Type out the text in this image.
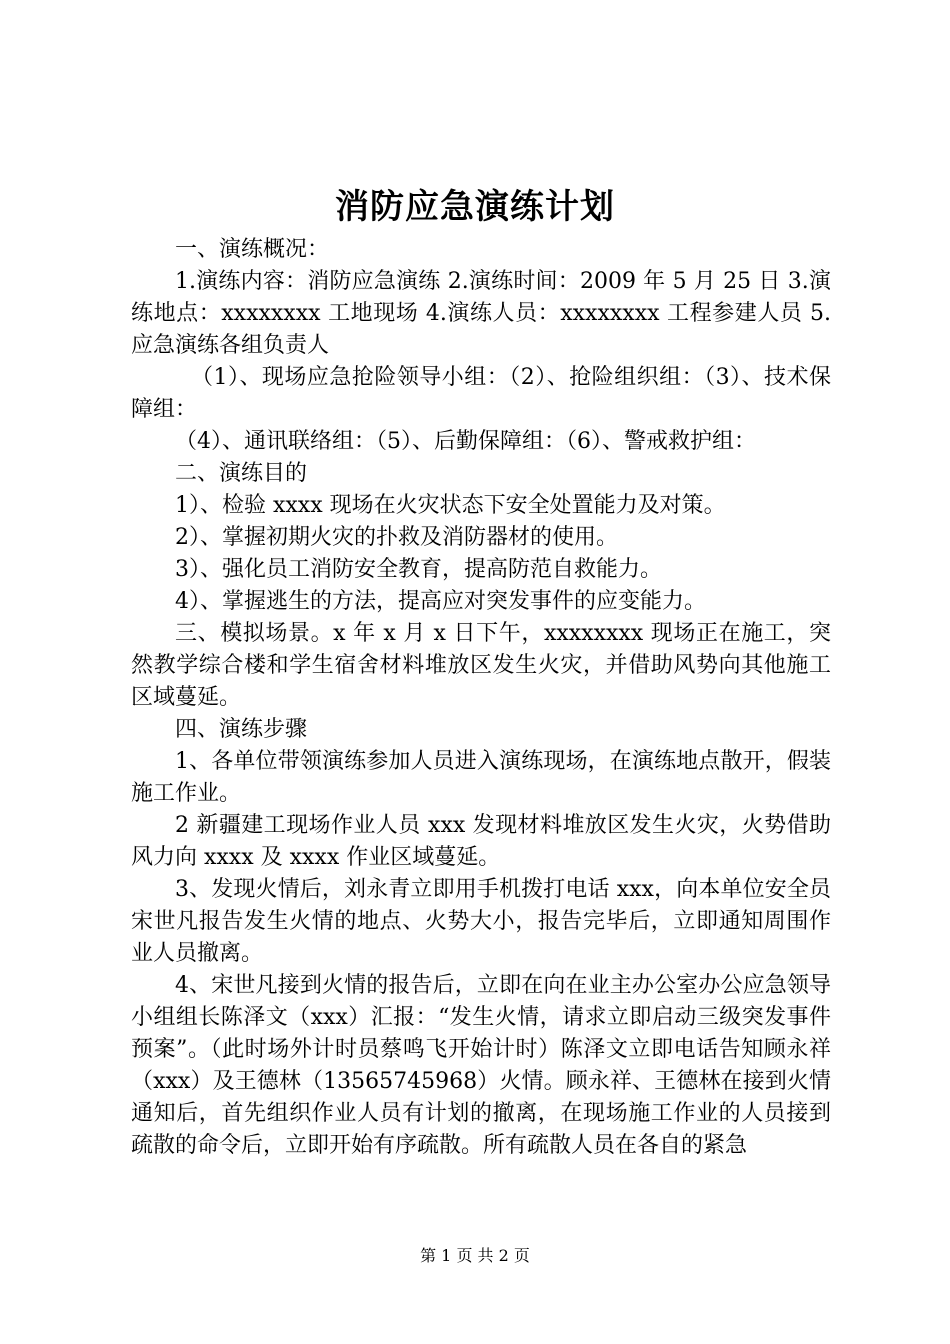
消防应急演练计划

一、演练概况：

1.演练内容：消防应急演练 2.演练时间：2009 年 5 月 25 日 3.演练地点：xxxxxxxx 工地现场 4.演练人员：xxxxxxxx 工程参建人员 5.应急演练各组负责人

（1）、现场应急抢险领导小组：（2）、抢险组织组：（3）、技术保障组：

（4）、通讯联络组：（5）、后勤保障组：（6）、警戒救护组：

二、演练目的

1）、检验 xxxx 现场在火灾状态下安全处置能力及对策。

2）、掌握初期火灾的扑救及消防器材的使用。

3）、强化员工消防安全教育，提高防范自救能力。

4）、掌握逃生的方法，提高应对突发事件的应变能力。

三、模拟场景。x 年 x 月 x 日下午，xxxxxxxx 现场正在施工，突然教学综合楼和学生宿舍材料堆放区发生火灾，并借助风势向其他施工区域蔓延。

四、演练步骤

1、各单位带领演练参加人员进入演练现场，在演练地点散开，假装施工作业。

2 新疆建工现场作业人员 xxx 发现材料堆放区发生火灾，火势借助风力向 xxxx 及 xxxx 作业区域蔓延。

3、发现火情后，刘永青立即用手机拨打电话 xxx，向本单位安全员宋世凡报告发生火情的地点、火势大小，报告完毕后，立即通知周围作业人员撤离。

4、宋世凡接到火情的报告后，立即在向在业主办公室办公应急领导小组组长陈泽文（xxx）汇报：“发生火情，请求立即启动三级突发事件预案”。（此时场外计时员蔡鸣飞开始计时）陈泽文立即电话告知顾永祥（xxx）及王德林（13565745968）火情。顾永祥、王德林在接到火情通知后，首先组织作业人员有计划的撤离，在现场施工作业的人员接到疏散的命令后，立即开始有序疏散。所有疏散人员在各自的紧急

第 1 页 共 2 页
